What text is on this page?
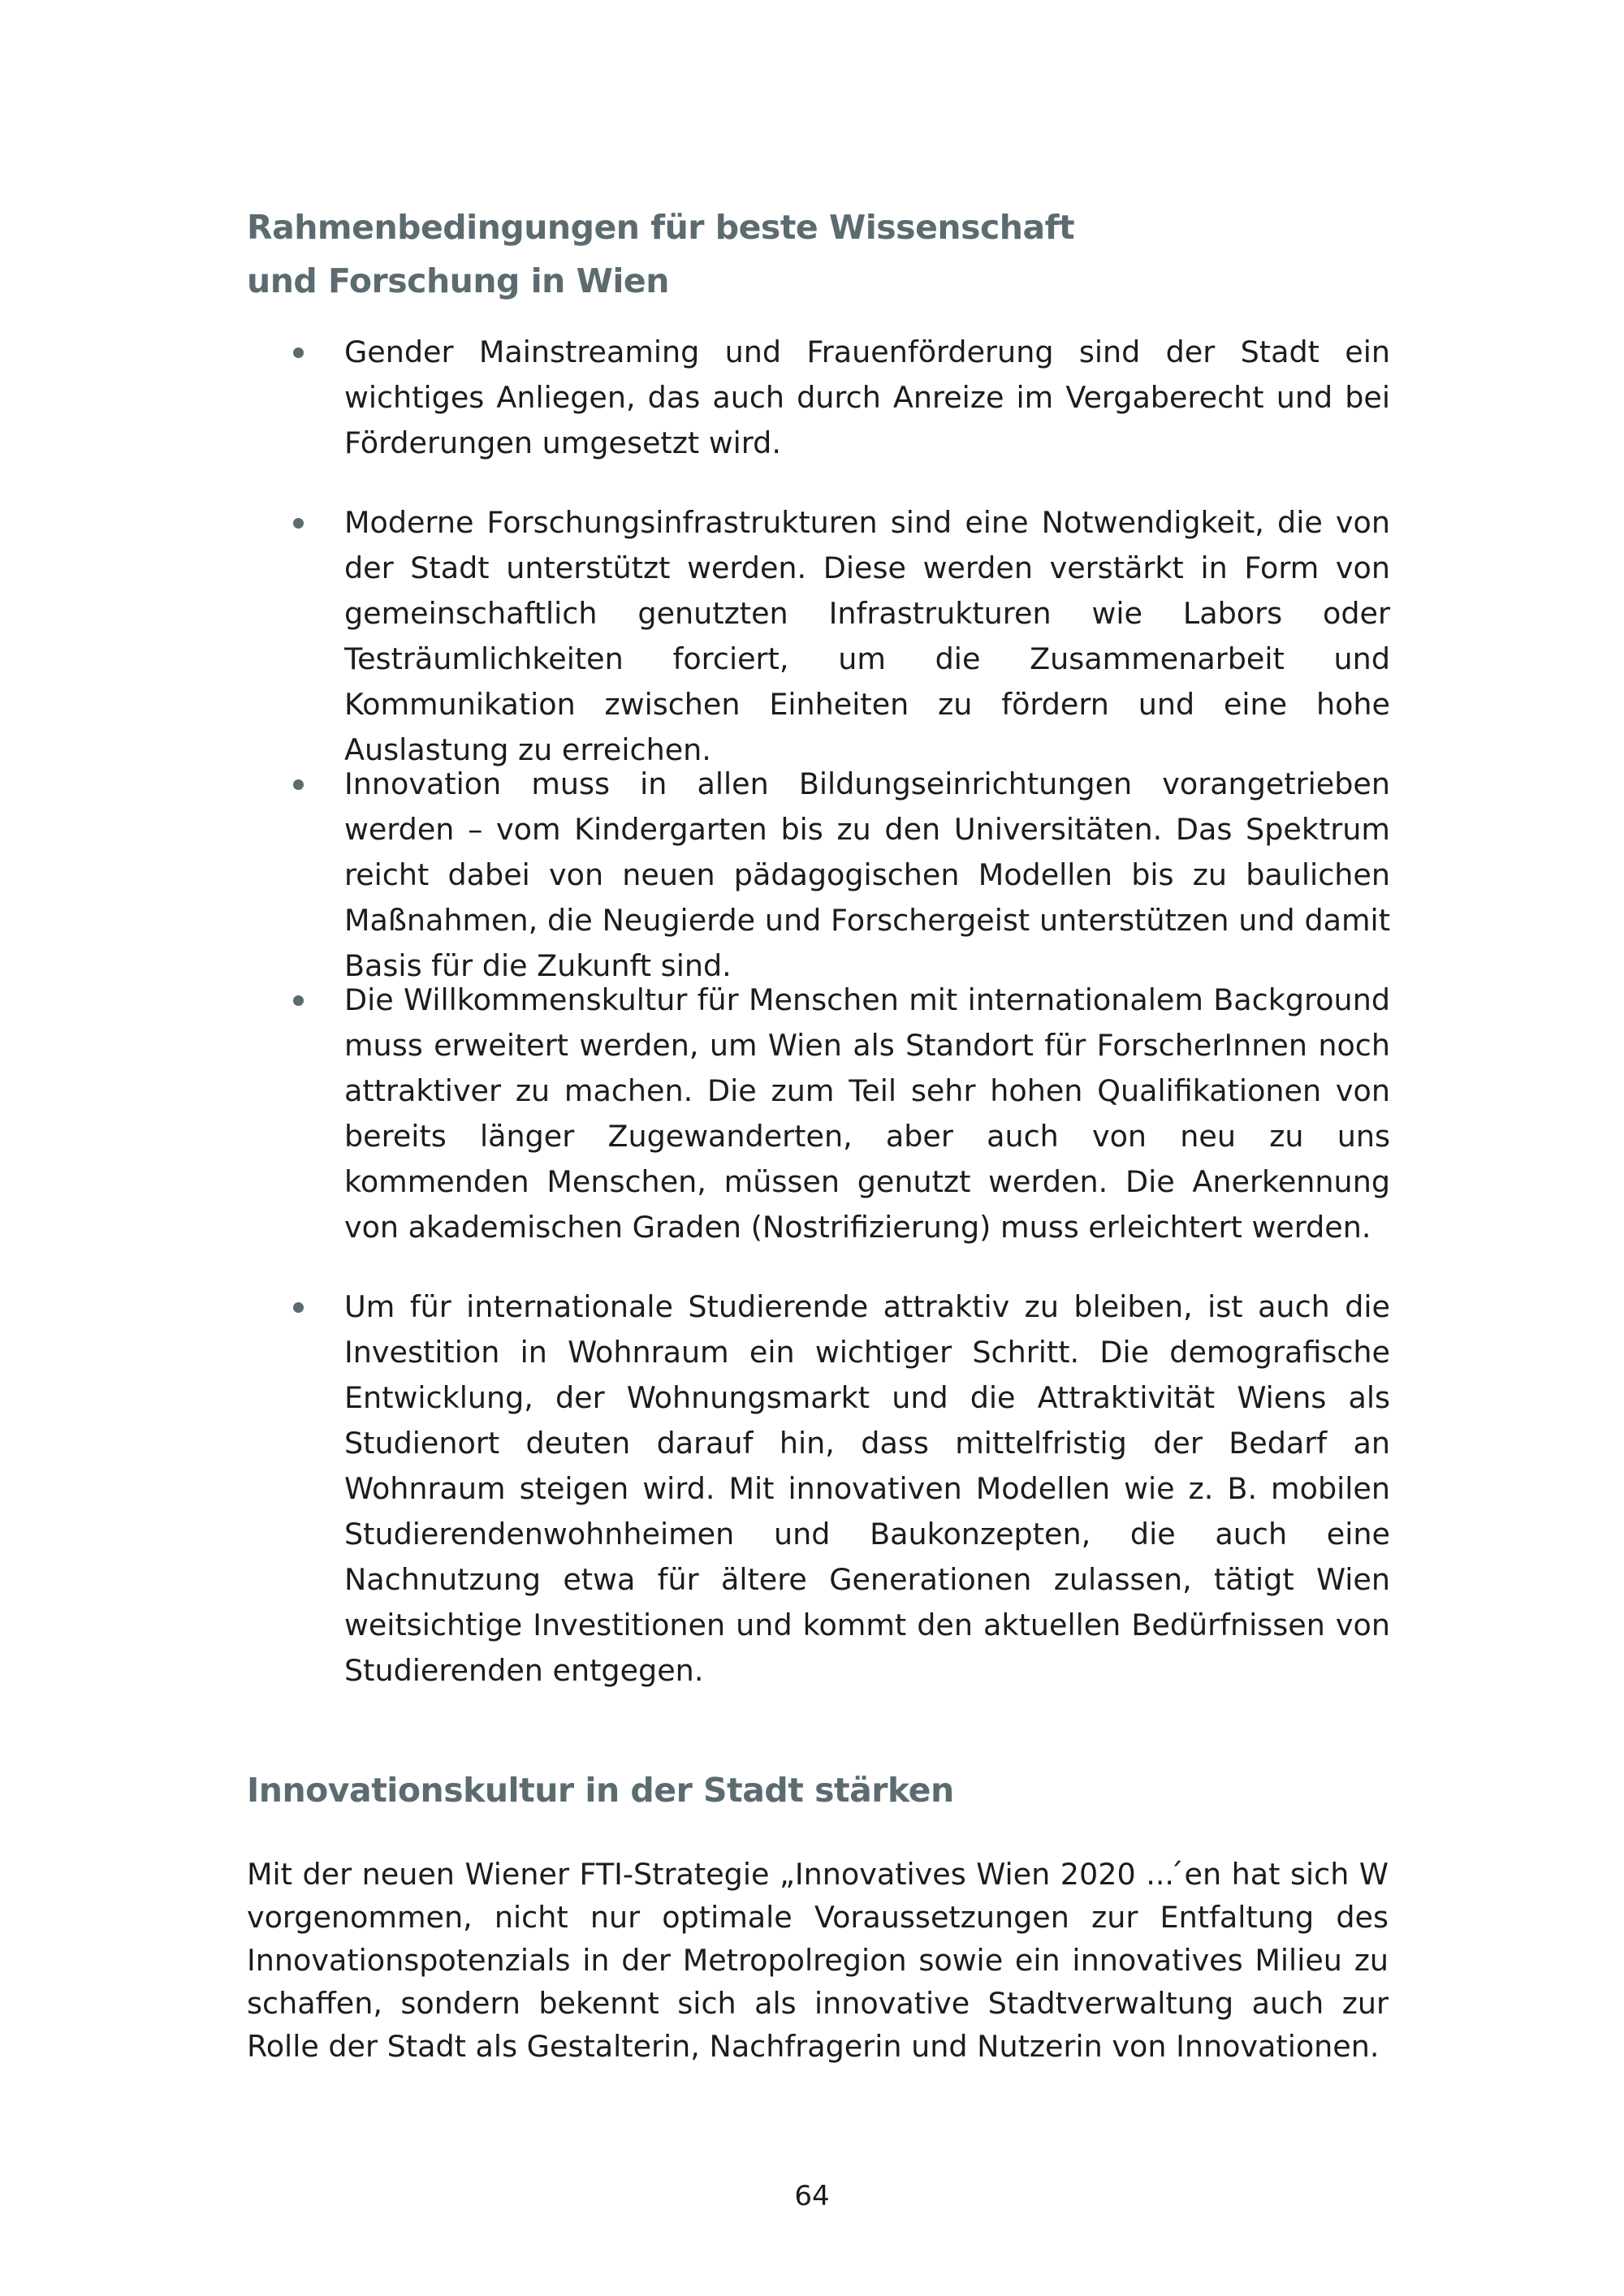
Rahmenbedingungen für beste Wissenschaft
und Forschung in Wien
Gender Mainstreaming und Frauenförderung sind der Stadt ein wichtiges Anliegen, das auch durch Anreize im Vergaberecht und bei Förderungen umgesetzt wird.
Moderne Forschungsinfrastrukturen sind eine Notwendigkeit, die von der Stadt unterstützt werden. Diese werden verstärkt in Form von gemeinschaftlich genutzten Infrastrukturen wie Labors oder Testräumlichkeiten forciert, um die Zusammenarbeit und Kommunikation zwischen Einheiten zu fördern und eine hohe Auslastung zu erreichen.
Innovation muss in allen Bildungseinrichtungen vorangetrieben werden – vom Kindergarten bis zu den Universitäten. Das Spektrum reicht dabei von neuen pädagogischen Modellen bis zu baulichen Maßnahmen, die Neugierde und Forschergeist unterstützen und damit Basis für die Zukunft sind.
Die Willkommenskultur für Menschen mit internationalem Background muss erweitert werden, um Wien als Standort für ForscherInnen noch attraktiver zu machen. Die zum Teil sehr hohen Qualifikationen von bereits länger Zugewanderten, aber auch von neu zu uns kommenden Menschen, müssen genutzt werden. Die Anerkennung von akademischen Graden (Nostrifizierung) muss erleichtert werden.
Um für internationale Studierende attraktiv zu bleiben, ist auch die Investition in Wohnraum ein wichtiger Schritt. Die demografische Entwicklung, der Wohnungsmarkt und die Attraktivität Wiens als Studienort deuten darauf hin, dass mittelfristig der Bedarf an Wohnraum steigen wird. Mit innovativen Modellen wie z. B. mobilen Studierendenwohnheimen und Baukonzepten, die auch eine Nachnutzung etwa für ältere Generationen zulassen, tätigt Wien weitsichtige Investitionen und kommt den aktuellen Bedürfnissen von Studierenden entgegen.
Innovationskultur in der Stadt stärken

Mit der neuen Wiener FTI-Strategie „Innovatives Wien 2020 ... ́en hat sich W vorgenommen, nicht nur optimale Voraussetzungen zur Entfaltung des Innovationspotenzials in der Metropolregion sowie ein innovatives Milieu zu schaffen, sondern bekennt sich als innovative Stadtverwaltung auch zur Rolle der Stadt als Gestalterin, Nachfragerin und Nutzerin von Innovationen.

64
